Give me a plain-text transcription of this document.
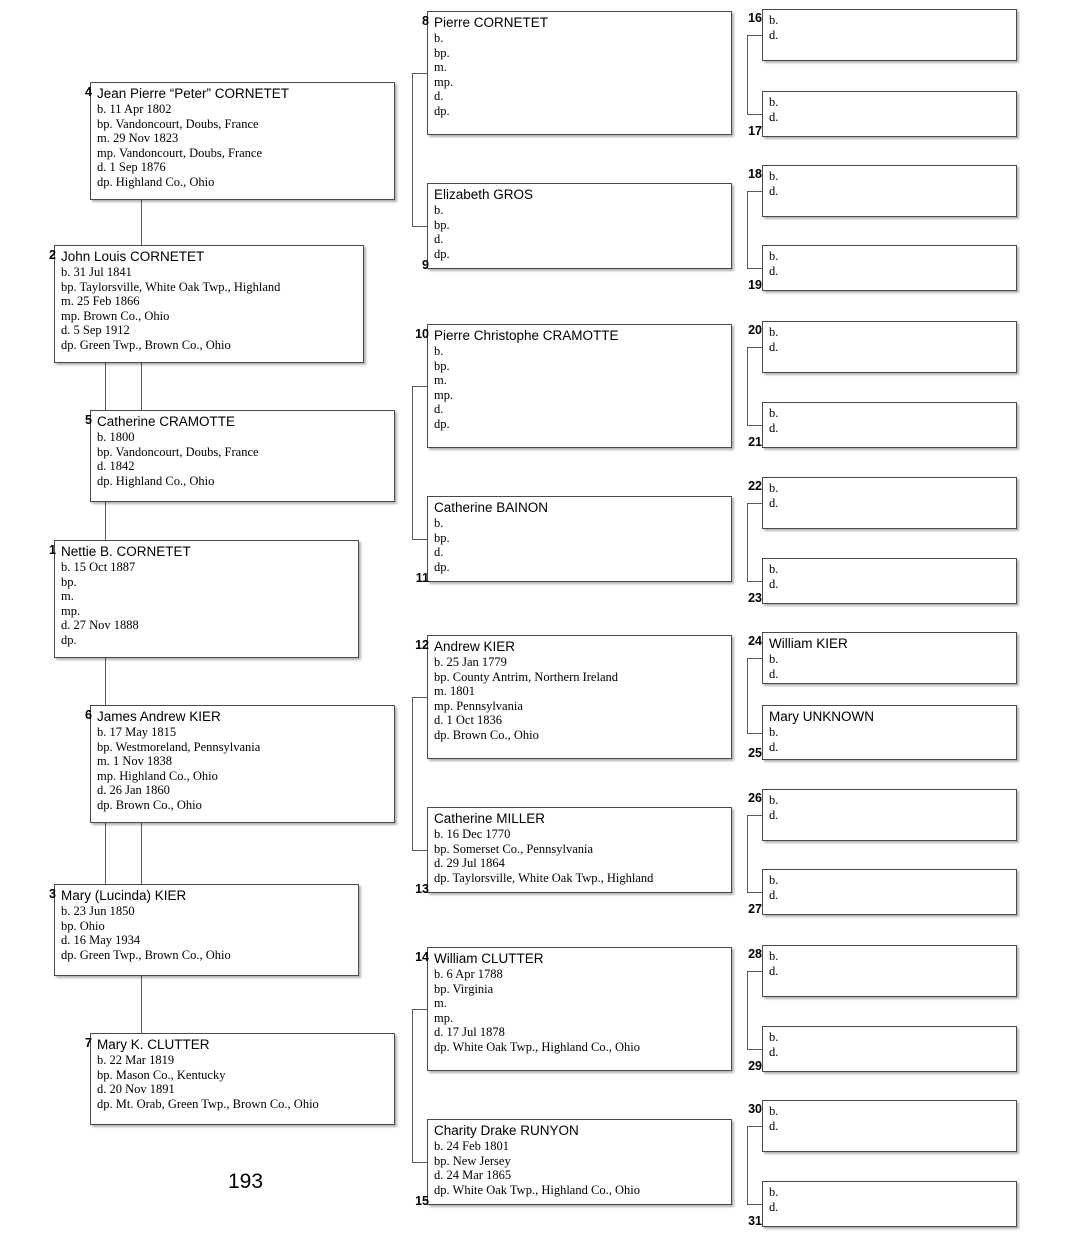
Nettie B. CORNETET
b. 15 Oct 1887
bp.
m.
mp.
d. 27 Nov 1888
dp.
1
John Louis CORNETET
b. 31 Jul 1841
bp. Taylorsville, White Oak Twp., Highland
m. 25 Feb 1866
mp. Brown Co., Ohio
d. 5 Sep 1912
dp. Green Twp., Brown Co., Ohio
2
Mary (Lucinda) KIER
b. 23 Jun 1850
bp. Ohio
d. 16 May 1934
dp. Green Twp., Brown Co., Ohio
3
Jean Pierre “Peter” CORNETET
b. 11 Apr 1802
bp. Vandoncourt, Doubs, France
m. 29 Nov 1823
mp. Vandoncourt, Doubs, France
d. 1 Sep 1876
dp. Highland Co., Ohio
4
Catherine CRAMOTTE
b. 1800
bp. Vandoncourt, Doubs, France
d. 1842
dp. Highland Co., Ohio
5
James Andrew KIER
b. 17 May 1815
bp. Westmoreland, Pennsylvania
m. 1 Nov 1838
mp. Highland Co., Ohio
d. 26 Jan 1860
dp. Brown Co., Ohio
6
Mary K. CLUTTER
b. 22 Mar 1819
bp. Mason Co., Kentucky
d. 20 Nov 1891
dp. Mt. Orab, Green Twp., Brown Co., Ohio
7
Pierre CORNETET
b.
bp.
m.
mp.
d.
dp.
8
Elizabeth GROS
b.
bp.
d.
dp.
9
Pierre Christophe CRAMOTTE
b.
bp.
m.
mp.
d.
dp.
10
Catherine BAINON
b.
bp.
d.
dp.
11
Andrew KIER
b. 25 Jan 1779
bp. County Antrim, Northern Ireland
m. 1801
mp. Pennsylvania
d. 1 Oct 1836
dp. Brown Co., Ohio
12
Catherine MILLER
b. 16 Dec 1770
bp. Somerset Co., Pennsylvania
d. 29 Jul 1864
dp. Taylorsville, White Oak Twp., Highland
13
William CLUTTER
b. 6 Apr 1788
bp. Virginia
m.
mp.
d. 17 Jul 1878
dp. White Oak Twp., Highland Co., Ohio
14
Charity Drake RUNYON
b. 24 Feb 1801
bp. New Jersey
d. 24 Mar 1865
dp. White Oak Twp., Highland Co., Ohio
15
b.
d.
16
b.
d.
17
b.
d.
18
b.
d.
19
b.
d.
20
b.
d.
21
b.
d.
22
b.
d.
23
William KIER
b.
d.
24
Mary UNKNOWN
b.
d.
25
b.
d.
26
b.
d.
27
b.
d.
28
b.
d.
29
b.
d.
30
b.
d.
31
193
